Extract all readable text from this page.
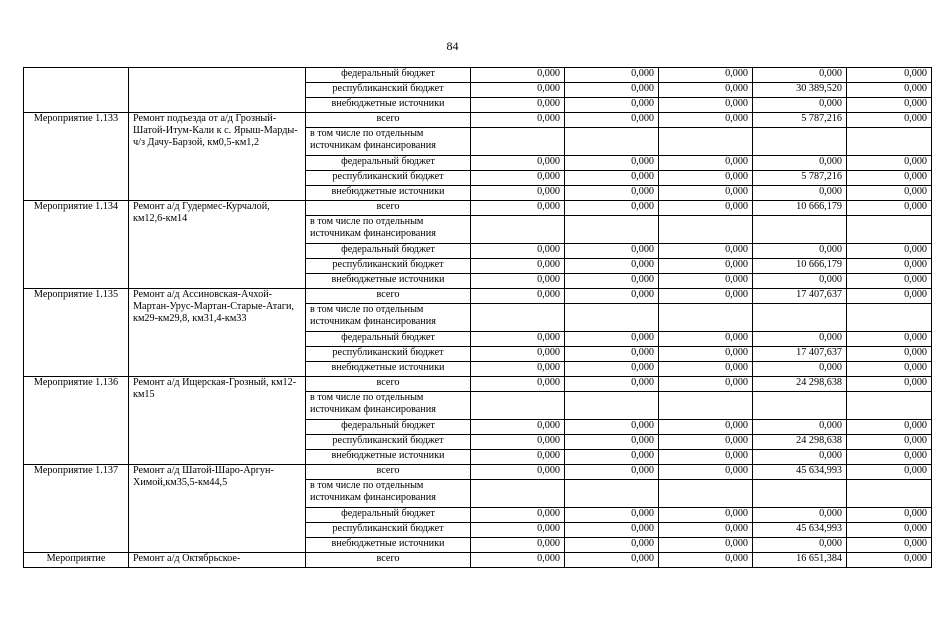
84
		федеральный бюджет	0,000	0,000	0,000	0,000	0,000
		республиканский бюджет	0,000	0,000	0,000	30 389,520	0,000
		внебюджетные источники	0,000	0,000	0,000	0,000	0,000
Мероприятие 1.133	Ремонт подъезда от а/д Грозный-Шатой-Итум-Кали к с. Ярыш-Марды-ч/з Дачу-Барзой, км0,5-км1,2	всего	0,000	0,000	0,000	5 787,216	0,000
		в том числе по отдельным источникам финансирования					
		федеральный бюджет	0,000	0,000	0,000	0,000	0,000
		республиканский бюджет	0,000	0,000	0,000	5 787,216	0,000
		внебюджетные источники	0,000	0,000	0,000	0,000	0,000
Мероприятие 1.134	Ремонт а/д Гудермес-Курчалой, км12,6-км14	всего	0,000	0,000	0,000	10 666,179	0,000
		в том числе по отдельным источникам финансирования					
		федеральный бюджет	0,000	0,000	0,000	0,000	0,000
		республиканский бюджет	0,000	0,000	0,000	10 666,179	0,000
		внебюджетные источники	0,000	0,000	0,000	0,000	0,000
Мероприятие 1.135	Ремонт а/д Ассиновская-Ачхой-Мартан-Урус-Мартан-Старые-Атаги, км29-км29,8, км31,4-км33	всего	0,000	0,000	0,000	17 407,637	0,000
		в том числе по отдельным источникам финансирования					
		федеральный бюджет	0,000	0,000	0,000	0,000	0,000
		республиканский бюджет	0,000	0,000	0,000	17 407,637	0,000
		внебюджетные источники	0,000	0,000	0,000	0,000	0,000
Мероприятие 1.136	Ремонт а/д Ищерская-Грозный, км12-км15	всего	0,000	0,000	0,000	24 298,638	0,000
		в том числе по отдельным источникам финансирования					
		федеральный бюджет	0,000	0,000	0,000	0,000	0,000
		республиканский бюджет	0,000	0,000	0,000	24 298,638	0,000
		внебюджетные источники	0,000	0,000	0,000	0,000	0,000
Мероприятие 1.137	Ремонт а/д Шатой-Шаро-Аргун-Химой,км35,5-км44,5	всего	0,000	0,000	0,000	45 634,993	0,000
		в том числе по отдельным источникам финансирования					
		федеральный бюджет	0,000	0,000	0,000	0,000	0,000
		республиканский бюджет	0,000	0,000	0,000	45 634,993	0,000
		внебюджетные источники	0,000	0,000	0,000	0,000	0,000
Мероприятие	Ремонт а/д Октябрьское-	всего	0,000	0,000	0,000	16 651,384	0,000
